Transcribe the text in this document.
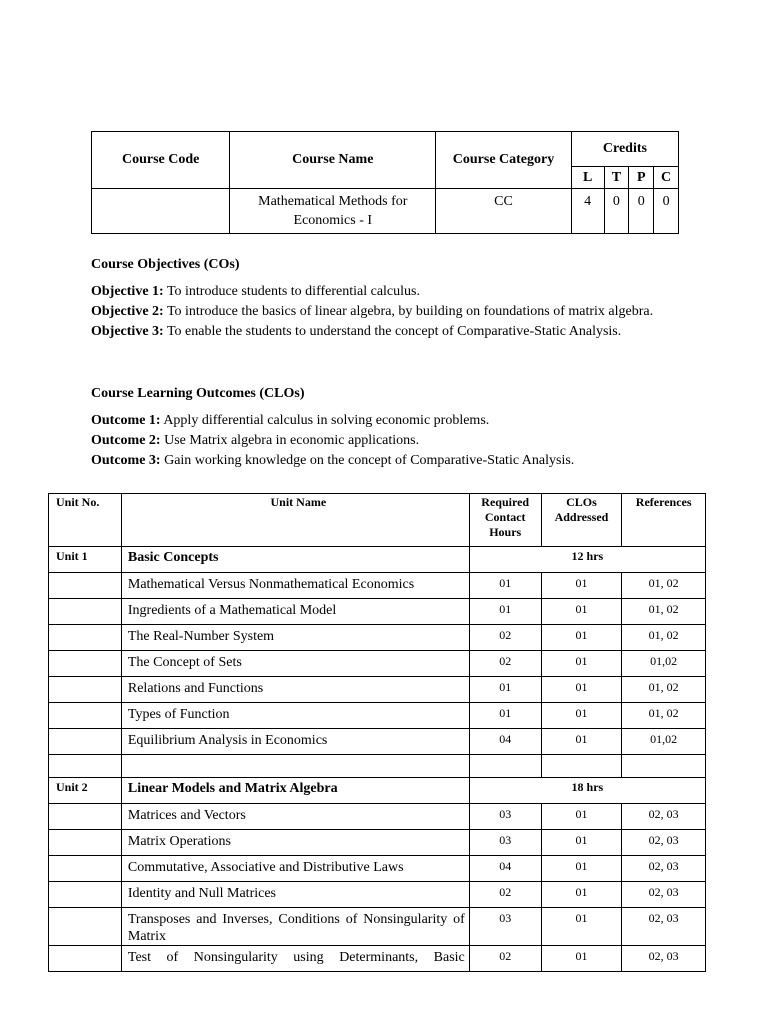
Course Code	Course Name	Course Category	Credits			
			L	T	P	C
	Mathematical Methods for Economics - I	CC	4	0	0	0
Course Objectives (COs)
Objective 1: To introduce students to differential calculus.
Objective 2: To introduce the basics of linear algebra, by building on foundations of matrix algebra.
Objective 3: To enable the students to understand the concept of Comparative-Static Analysis.
Course Learning Outcomes (CLOs)
Outcome 1: Apply differential calculus in solving economic problems.
Outcome 2: Use Matrix algebra in economic applications.
Outcome 3: Gain working knowledge on the concept of Comparative-Static Analysis.
Unit No.	Unit Name	Required Contact Hours	CLOs Addressed	References
Unit 1	Basic Concepts	12 hrs		
	Mathematical Versus Nonmathematical Economics	01	01	01, 02
	Ingredients of a Mathematical Model	01	01	01, 02
	The Real-Number System	02	01	01, 02
	The Concept of Sets	02	01	01,02
	Relations and Functions	01	01	01, 02
	Types of Function	01	01	01, 02
	Equilibrium Analysis in Economics	04	01	01,02

Unit 2	Linear Models and Matrix Algebra	18 hrs		
	Matrices and Vectors	03	01	02, 03
	Matrix Operations	03	01	02, 03
	Commutative, Associative and Distributive Laws	04	01	02, 03
	Identity and Null Matrices	02	01	02, 03
	Transposes and Inverses, Conditions of Nonsingularity of Matrix	03	01	02, 03
	Test of Nonsingularity using Determinants, Basic	02	01	02, 03
